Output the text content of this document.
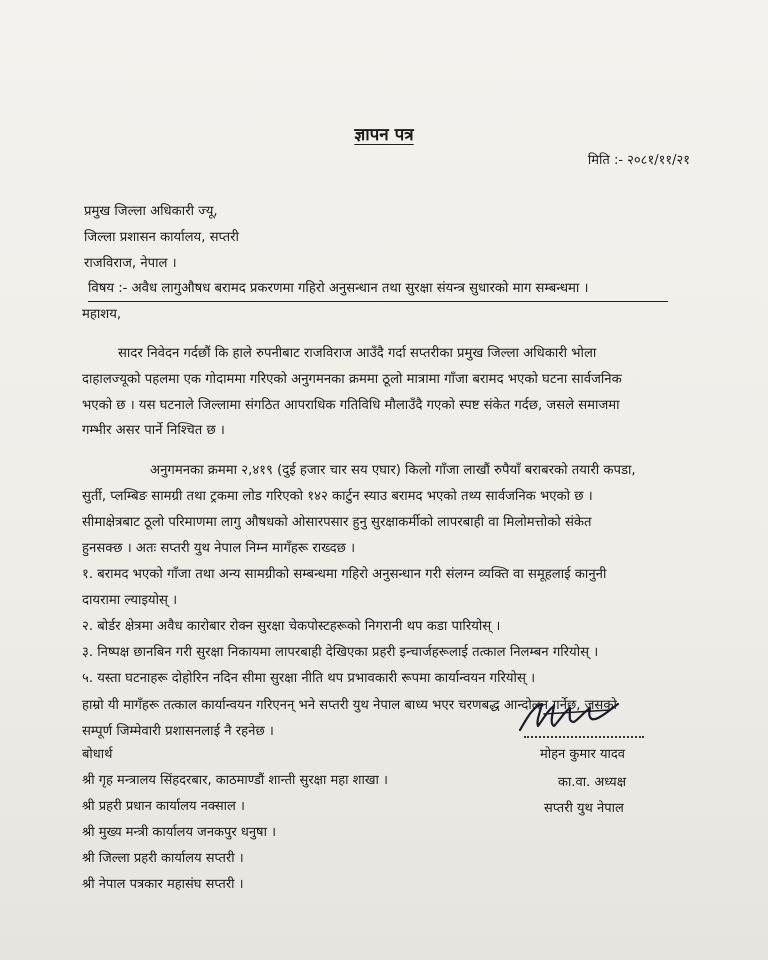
ज्ञापन पत्र
मिति :- २०८१/११/२१
प्रमुख जिल्ला अधिकारी ज्यू,
जिल्ला प्रशासन कार्यालय, सप्तरी
राजविराज, नेपाल ।
विषय :- अवैध लागुऔषध बरामद प्रकरणमा गहिरो अनुसन्धान तथा सुरक्षा संयन्त्र सुधारको माग सम्बन्धमा ।
महाशय,
सादर निवेदन गर्दछौं कि हाले रुपनीबाट राजविराज आउँदै गर्दा सप्तरीका प्रमुख जिल्ला अधिकारी भोला
दाहालज्यूको पहलमा एक गोदाममा गरिएको अनुगमनका क्रममा ठूलो मात्रामा गाँजा बरामद भएको घटना सार्वजनिक
भएको छ । यस घटनाले जिल्लामा संगठित आपराधिक गतिविधि मौलाउँदै गएको स्पष्ट संकेत गर्दछ, जसले समाजमा
गम्भीर असर पार्ने निश्चित छ ।
अनुगमनका क्रममा २,४१९ (दुई हजार चार सय एघार) किलो गाँजा लाखौं रुपैयाँ बराबरको तयारी कपडा,
सुर्ती, प्लम्बिङ सामग्री तथा ट्रकमा लोड गरिएको १४२ कार्टुन स्याउ बरामद भएको तथ्य सार्वजनिक भएको छ ।
सीमाक्षेत्रबाट ठूलो परिमाणमा लागु औषधको ओसारपसार हुनु सुरक्षाकर्मीको लापरबाही वा मिलोमत्तोको संकेत
हुनसक्छ । अतः सप्तरी युथ नेपाल निम्न मागँहरू राख्दछ ।
१. बरामद भएको गाँजा तथा अन्य सामग्रीको सम्बन्धमा गहिरो अनुसन्धान गरी संलग्न व्यक्ति वा समूहलाई कानुनी
दायरामा ल्याइयोस् ।
२. बोर्डर क्षेत्रमा अवैध कारोबार रोक्न सुरक्षा चेकपोस्टहरूको निगरानी थप कडा पारियोस् ।
३. निष्पक्ष छानबिन गरी सुरक्षा निकायमा लापरबाही देखिएका प्रहरी इन्चार्जहरूलाई तत्काल निलम्बन गरियोस् ।
५. यस्ता घटनाहरू दोहोरिन नदिन सीमा सुरक्षा नीति थप प्रभावकारी रूपमा कार्यान्वयन गरियोस् ।
हाम्रो यी मागँहरू तत्काल कार्यान्वयन गरिएनन् भने सप्तरी युथ नेपाल बाध्य भएर चरणबद्ध आन्दोलन गर्नेछ, जसको
सम्पूर्ण जिम्मेवारी प्रशासनलाई नै रहनेछ ।
मोहन कुमार यादव
का.वा. अध्यक्ष
सप्तरी युथ नेपाल
बोधार्थ
श्री गृह मन्त्रालय सिंहदरबार, काठमाण्डौं शान्ती सुरक्षा महा शाखा ।
श्री प्रहरी प्रधान कार्यालय नक्साल ।
श्री मुख्य मन्त्री कार्यालय जनकपुर धनुषा ।
श्री जिल्ला प्रहरी कार्यालय सप्तरी ।
श्री नेपाल पत्रकार महासंघ सप्तरी ।
